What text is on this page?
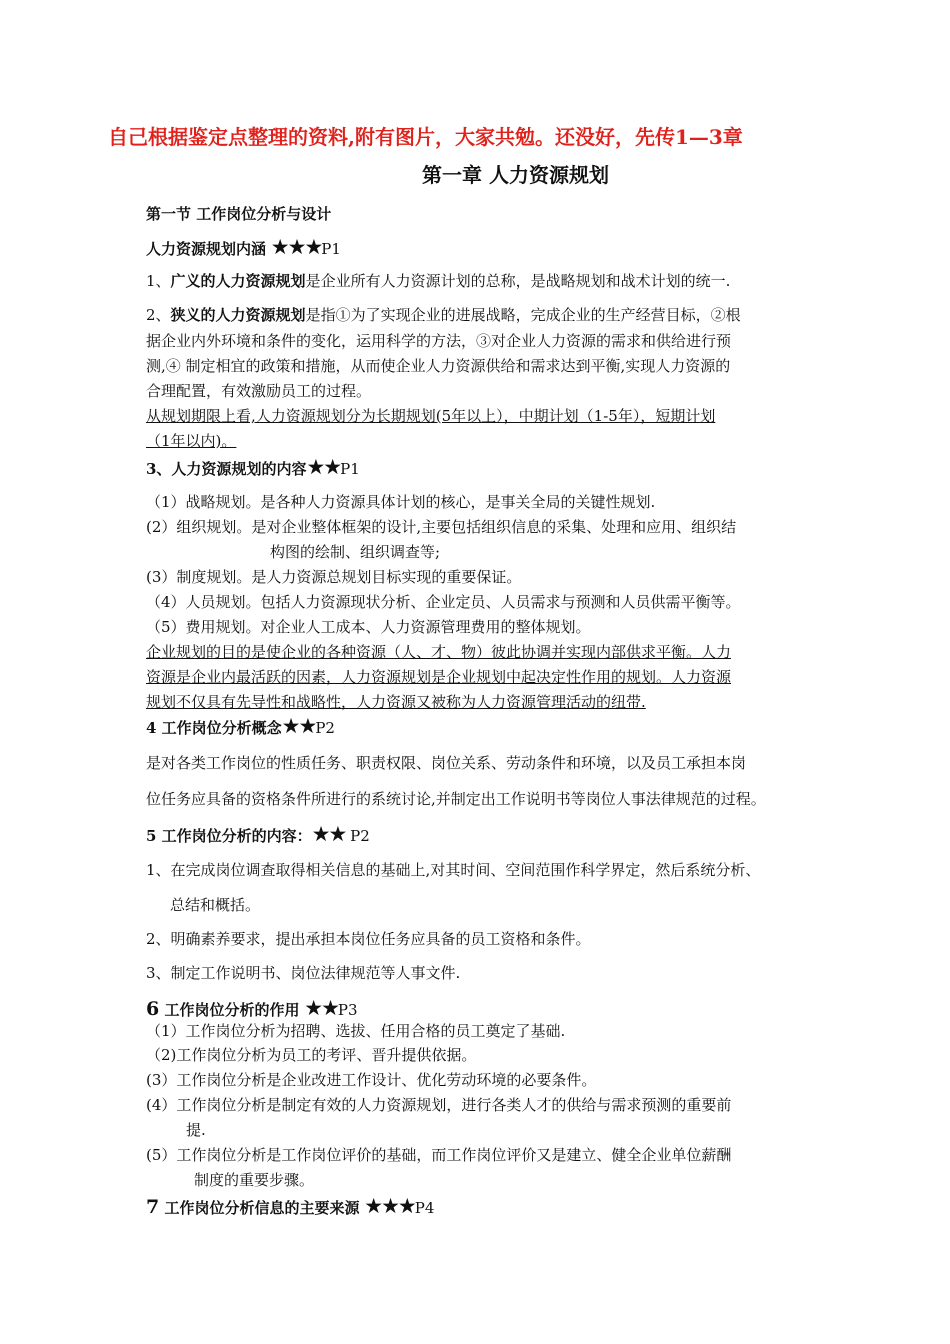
自己根据鉴定点整理的资料,附有图片，大家共勉。还没好，先传1—3章
第一章 人力资源规划
第一节 工作岗位分析与设计
人力资源规划内涵 ★★★P1
1、广义的人力资源规划是企业所有人力资源计划的总称，是战略规划和战术计划的统一.
2、狭义的人力资源规划是指①为了实现企业的进展战略，完成企业的生产经营目标，②根
据企业内外环境和条件的变化，运用科学的方法，③对企业人力资源的需求和供给进行预
测,④ 制定相宜的政策和措施，从而使企业人力资源供给和需求达到平衡,实现人力资源的
合理配置，有效激励员工的过程。
从规划期限上看,人力资源规划分为长期规划(5年以上），中期计划（1-5年），短期计划
（1年以内)。
3、人力资源规划的内容★★P1
（1）战略规划。是各种人力资源具体计划的核心，是事关全局的关键性规划.
(2）组织规划。是对企业整体框架的设计,主要包括组织信息的采集、处理和应用、组织结
构图的绘制、组织调查等;
(3）制度规划。是人力资源总规划目标实现的重要保证。
（4）人员规划。包括人力资源现状分析、企业定员、人员需求与预测和人员供需平衡等。
（5）费用规划。对企业人工成本、人力资源管理费用的整体规划。
企业规划的目的是使企业的各种资源（人、才、物）彼此协调并实现内部供求平衡。人力
资源是企业内最活跃的因素，人力资源规划是企业规划中起决定性作用的规划。人力资源
规划不仅具有先导性和战略性，人力资源又被称为人力资源管理活动的纽带.
4 工作岗位分析概念★★P2
是对各类工作岗位的性质任务、职责权限、岗位关系、劳动条件和环境，以及员工承担本岗
位任务应具备的资格条件所进行的系统讨论,并制定出工作说明书等岗位人事法律规范的过程。
5 工作岗位分析的内容：★★ P2
1、在完成岗位调查取得相关信息的基础上,对其时间、空间范围作科学界定，然后系统分析、
总结和概括。
2、明确素养要求，提出承担本岗位任务应具备的员工资格和条件。
3、制定工作说明书、岗位法律规范等人事文件.
6 工作岗位分析的作用 ★★P3
（1）工作岗位分析为招聘、选拔、任用合格的员工奠定了基础.
（2)工作岗位分析为员工的考评、晋升提供依据。
(3）工作岗位分析是企业改进工作设计、优化劳动环境的必要条件。
(4）工作岗位分析是制定有效的人力资源规划，进行各类人才的供给与需求预测的重要前
提.
(5）工作岗位分析是工作岗位评价的基础，而工作岗位评价又是建立、健全企业单位薪酬
制度的重要步骤。
7 工作岗位分析信息的主要来源 ★★★P4
